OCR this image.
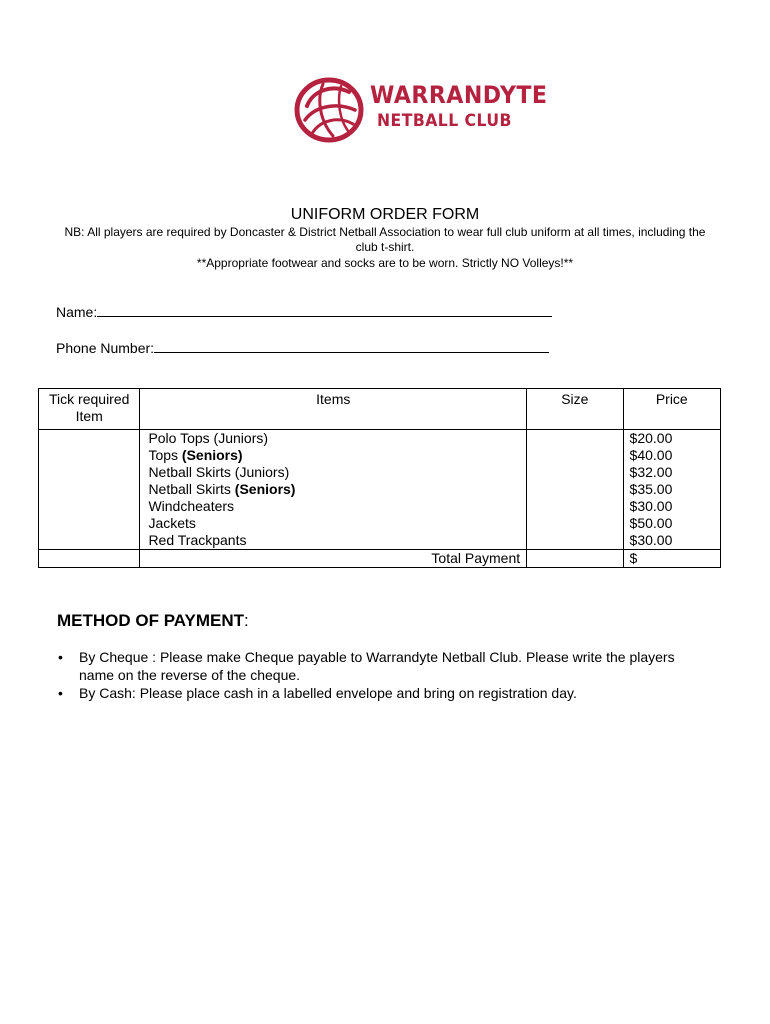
WARRANDYTE
NETBALL CLUB
UNIFORM ORDER FORM
NB: All players are required by Doncaster & District Netball Association to wear full club uniform at all times, including the club t-shirt.
**Appropriate footwear and socks are to be worn. Strictly NO Volleys!**
Name:
Phone Number:
Tick required Item	Items	Size	Price
	Polo Tops (Juniors)		$20.00
	Tops (Seniors)		$40.00
	Netball Skirts (Juniors)		$32.00
	Netball Skirts (Seniors)		$35.00
	Windcheaters		$30.00
	Jackets		$50.00
	Red Trackpants		$30.00
	Total Payment		$
METHOD OF PAYMENT:
• By Cheque : Please make Cheque payable to Warrandyte Netball Club. Please write the players name on the reverse of the cheque.
• By Cash: Please place cash in a labelled envelope and bring on registration day.
